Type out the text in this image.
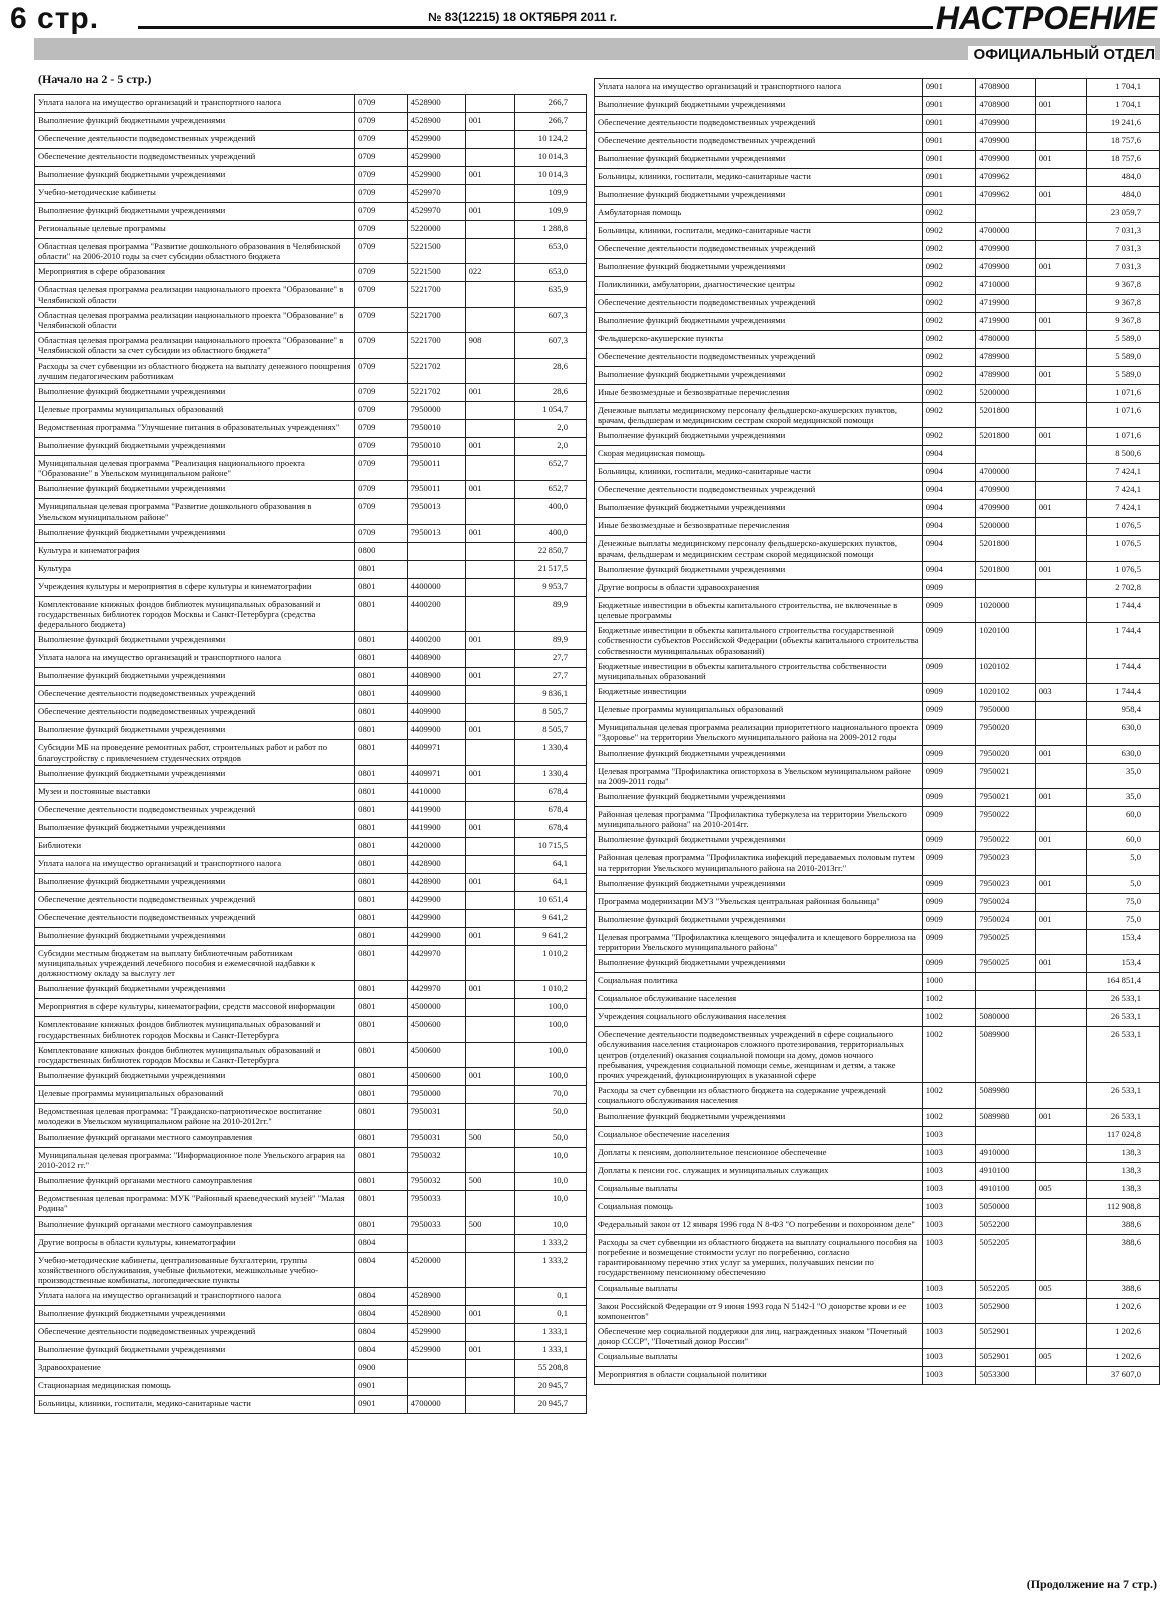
6 стр.	№ 83(12215) 18 ОКТЯБРЯ 2011 г.	НАСТРОЕНИЕ
ОФИЦИАЛЬНЫЙ ОТДЕЛ
(Начало на 2 - 5 стр.)
Уплата налога на имущество организаций и транспортного налога	0709	4528900		266,7
Выполнение функций бюджетными учреждениями	0709	4528900	001	266,7
Обеспечение деятельности подведомственных учреждений	0709	4529900		10 124,2
Обеспечение деятельности подведомственных учреждений	0709	4529900		10 014,3
Выполнение функций бюджетными учреждениями	0709	4529900	001	10 014,3
Учебно-методические кабинеты	0709	4529970		109,9
Выполнение функций бюджетными учреждениями	0709	4529970	001	109,9
Региональные целевые программы	0709	5220000		1 288,8
Областная целевая программа "Развитие дошкольного образования в Челябинской области" на 2006-2010 годы за счет субсидии областного бюджета	0709	5221500		653,0
Мероприятия в сфере образования	0709	5221500	022	653,0
Областная целевая программа реализации национального проекта "Образование" в Челябинской области	0709	5221700		635,9
Областная целевая программа реализации национального проекта "Образование" в Челябинской области	0709	5221700		607,3
Областная целевая программа реализации национального проекта "Образование" в Челябинской области за счет субсидии из областного бюджета"	0709	5221700	908	607,3
Расходы за счет субвенции из областного бюджета на выплату денежного поощрения лучшим педагогическим работникам	0709	5221702		28,6
Выполнение функций бюджетными учреждениями	0709	5221702	001	28,6
Целевые программы муниципальных образований	0709	7950000		1 054,7
Ведомственная программа "Улучшение питания в образовательных учреждениях"	0709	7950010		2,0
Выполнение функций бюджетными учреждениями	0709	7950010	001	2,0
Муниципальная целевая программа "Реализация национального проекта "Образование" в Увельском муниципальном районе"	0709	7950011		652,7
Выполнение функций бюджетными учреждениями	0709	7950011	001	652,7
Муниципальная целевая программа "Развитие дошкольного образования в Увельском муниципальном районе"	0709	7950013		400,0
Выполнение функций бюджетными учреждениями	0709	7950013	001	400,0
Культура и кинематография	0800			22 850,7
Культура	0801			21 517,5
Учреждения культуры и мероприятия в сфере культуры и кинематографии	0801	4400000		9 953,7
Комплектование книжных фондов библиотек муниципальных образований и государственных библиотек городов Москвы и Санкт-Петербурга (средства федерального бюджета)	0801	4400200		89,9
Выполнение функций бюджетными учреждениями	0801	4400200	001	89,9
Уплата налога на имущество организаций и транспортного налога	0801	4408900		27,7
Выполнение функций бюджетными учреждениями	0801	4408900	001	27,7
Обеспечение деятельности подведомственных учреждений	0801	4409900		9 836,1
Обеспечение деятельности подведомственных учреждений	0801	4409900		8 505,7
Выполнение функций бюджетными учреждениями	0801	4409900	001	8 505,7
Субсидии МБ на проведение ремонтных работ, строительных работ и работ по благоустройству с привлечением студенческих отрядов	0801	4409971		1 330,4
Выполнение функций бюджетными учреждениями	0801	4409971	001	1 330,4
Музеи и постоянные выставки	0801	4410000		678,4
Обеспечение деятельности подведомственных учреждений	0801	4419900		678,4
Выполнение функций бюджетными учреждениями	0801	4419900	001	678,4
Библиотеки	0801	4420000		10 715,5
Уплата налога на имущество организаций и транспортного налога	0801	4428900		64,1
Выполнение функций бюджетными учреждениями	0801	4428900	001	64,1
Обеспечение деятельности подведомственных учреждений	0801	4429900		10 651,4
Обеспечение деятельности подведомственных учреждений	0801	4429900		9 641,2
Выполнение функций бюджетными учреждениями	0801	4429900	001	9 641,2
Субсидии местным бюджетам на выплату библиотечным работникам муниципальных учреждений лечебного пособия и ежемесячной надбавки к должностному окладу за выслугу лет	0801	4429970		1 010,2
Выполнение функций бюджетными учреждениями	0801	4429970	001	1 010,2
Мероприятия в сфере культуры, кинематографии, средств массовой информации	0801	4500000		100,0
Комплектование книжных фондов библиотек муниципальных образований и государственных библиотек городов Москвы и Санкт-Петербурга	0801	4500600		100,0
Комплектование книжных фондов библиотек муниципальных образований и государственных библиотек городов Москвы и Санкт-Петербурга	0801	4500600		100,0
Выполнение функций бюджетными учреждениями	0801	4500600	001	100,0
Целевые программы муниципальных образований	0801	7950000		70,0
Ведомственная целевая программа: "Гражданско-патриотическое воспитание молодежи в Увельском муниципальном районе на 2010-2012гг."	0801	7950031		50,0
Выполнение функций органами местного самоуправления	0801	7950031	500	50,0
Муниципальная целевая программа: "Информационное поле Увельского агрария на 2010-2012 гг."	0801	7950032		10,0
Выполнение функций органами местного самоуправления	0801	7950032	500	10,0
Ведомственная целевая программа: МУК "Районный краеведческий музей" "Малая Родина"	0801	7950033		10,0
Выполнение функций органами местного самоуправления	0801	7950033	500	10,0
Другие вопросы в области культуры, кинематографии	0804			1 333,2
Учебно-методические кабинеты, централизованные бухгалтерии, группы хозяйственного обслуживания, учебные фильмотеки, межшкольные учебно-производственные комбинаты, логопедические пункты	0804	4520000		1 333,2
Уплата налога на имущество организаций и транспортного налога	0804	4528900		0,1
Выполнение функций бюджетными учреждениями	0804	4528900	001	0,1
Обеспечение деятельности подведомственных учреждений	0804	4529900		1 333,1
Выполнение функций бюджетными учреждениями	0804	4529900	001	1 333,1
Здравоохранение	0900			55 208,8
Стационарная медицинская помощь	0901			20 945,7
Больницы, клиники, госпитали, медико-санитарные части	0901	4700000		20 945,7
Уплата налога на имущество организаций и транспортного налога	0901	4708900		1 704,1
Выполнение функций бюджетными учреждениями	0901	4708900	001	1 704,1
Обеспечение деятельности подведомственных учреждений	0901	4709900		19 241,6
Обеспечение деятельности подведомственных учреждений	0901	4709900		18 757,6
Выполнение функций бюджетными учреждениями	0901	4709900	001	18 757,6
Больницы, клиники, госпитали, медико-санитарные части	0901	4709962		484,0
Выполнение функций бюджетными учреждениями	0901	4709962	001	484,0
Амбулаторная помощь	0902			23 059,7
Больницы, клиники, госпитали, медико-санитарные части	0902	4700000		7 031,3
Обеспечение деятельности подведомственных учреждений	0902	4709900		7 031,3
Выполнение функций бюджетными учреждениями	0902	4709900	001	7 031,3
Поликлиники, амбулатории, диагностические центры	0902	4710000		9 367,8
Обеспечение деятельности подведомственных учреждений	0902	4719900		9 367,8
Выполнение функций бюджетными учреждениями	0902	4719900	001	9 367,8
Фельдшерско-акушерские пункты	0902	4780000		5 589,0
Обеспечение деятельности подведомственных учреждений	0902	4789900		5 589,0
Выполнение функций бюджетными учреждениями	0902	4789900	001	5 589,0
Иные безвозмездные и безвозвратные перечисления	0902	5200000		1 071,6
Денежные выплаты медицинскому персоналу фельдшерско-акушерских пунктов, врачам, фельдшерам и медицинским сестрам скорой медицинской помощи	0902	5201800		1 071,6
Выполнение функций бюджетными учреждениями	0902	5201800	001	1 071,6
Скорая медицинская помощь	0904			8 500,6
Больницы, клиники, госпитали, медико-санитарные части	0904	4700000		7 424,1
Обеспечение деятельности подведомственных учреждений	0904	4709900		7 424,1
Выполнение функций бюджетными учреждениями	0904	4709900	001	7 424,1
Иные безвозмездные и безвозвратные перечисления	0904	5200000		1 076,5
Денежные выплаты медицинскому персоналу фельдшерско-акушерских пунктов, врачам, фельдшерам и медицинским сестрам скорой медицинской помощи	0904	5201800		1 076,5
Выполнение функций бюджетными учреждениями	0904	5201800	001	1 076,5
Другие вопросы в области здравоохранения	0909			2 702,8
Бюджетные инвестиции в объекты капитального строительства, не включенные в целевые программы	0909	1020000		1 744,4
Бюджетные инвестиции в объекты капитального строительства государственной собственности субъектов Российской Федерации (объекты капитального строительства собственности муниципальных образований)	0909	1020100		1 744,4
Бюджетные инвестиции в объекты капитального строительства собственности муниципальных образований	0909	1020102		1 744,4
Бюджетные инвестиции	0909	1020102	003	1 744,4
Целевые программы муниципальных образований	0909	7950000		958,4
Муниципальная целевая программа реализации приоритетного национального проекта "Здоровье" на территории Увельского муниципального района на 2009-2012 годы	0909	7950020		630,0
Выполнение функций бюджетными учреждениями	0909	7950020	001	630,0
Целевая программа "Профилактика описторхоза в Увельском муниципальном районе на 2009-2011 годы"	0909	7950021		35,0
Выполнение функций бюджетными учреждениями	0909	7950021	001	35,0
Районная целевая программа "Профилактика туберкулеза на территории Увельского муниципального района" на 2010-2014гг.	0909	7950022		60,0
Выполнение функций бюджетными учреждениями	0909	7950022	001	60,0
Районная целевая программа "Профилактика инфекций передаваемых половым путем на территории Увельского муниципального района на 2010-2013гг."	0909	7950023		5,0
Выполнение функций бюджетными учреждениями	0909	7950023	001	5,0
Программа модернизации МУЗ "Увельская центральная районная больница"	0909	7950024		75,0
Выполнение функций бюджетными учреждениями	0909	7950024	001	75,0
Целевая программа "Профилактика клещевого энцефалита и клещевого боррелиоза на территории Увельского муниципального района"	0909	7950025		153,4
Выполнение функций бюджетными учреждениями	0909	7950025	001	153,4
Социальная политика	1000			164 851,4
Социальное обслуживание населения	1002			26 533,1
Учреждения социального обслуживания населения	1002	5080000		26 533,1
Обеспечение деятельности подведомственных учреждений в сфере социального обслуживания населения стационаров сложного протезирования, территориальных центров (отделений) оказания социальной помощи на дому, домов ночного пребывания, учреждения социальной помощи семье, женщинам и детям, а также прочих учреждений, функционирующих в указанной сфере	1002	5089900		26 533,1
Расходы за счет субвенции из областного бюджета на содержание учреждений социального обслуживания населения	1002	5089980		26 533,1
Выполнение функций бюджетными учреждениями	1002	5089980	001	26 533,1
Социальное обеспечение населения	1003			117 024,8
Доплаты к пенсиям, дополнительное пенсионное обеспечение	1003	4910000		138,3
Доплаты к пенсии гос. служащих и муниципальных служащих	1003	4910100		138,3
Социальные выплаты	1003	4910100	005	138,3
Социальная помощь	1003	5050000		112 908,8
Федеральный закон от 12 января 1996 года N 8-ФЗ "О погребении и похоронном деле"	1003	5052200		388,6
Расходы за счет субвенции из областного бюджета на выплату социального пособия на погребение и возмещение стоимости услуг по погребению, согласно гарантированному перечню этих услуг за умерших, получавших пенсии по государственному пенсионному обеспечению	1003	5052205		388,6
Социальные выплаты	1003	5052205	005	388,6
Закон Российской Федерации от 9 июня 1993 года N 5142-I "О донорстве крови и ее компонентов"	1003	5052900		1 202,6
Обеспечение мер социальной поддержки для лиц, награжденных знаком "Почетный донор СССР", "Почетный донор России"	1003	5052901		1 202,6
Социальные выплаты	1003	5052901	005	1 202,6
Мероприятия в области социальной политики	1003	5053300		37 607,0
(Продолжение на 7 стр.)
